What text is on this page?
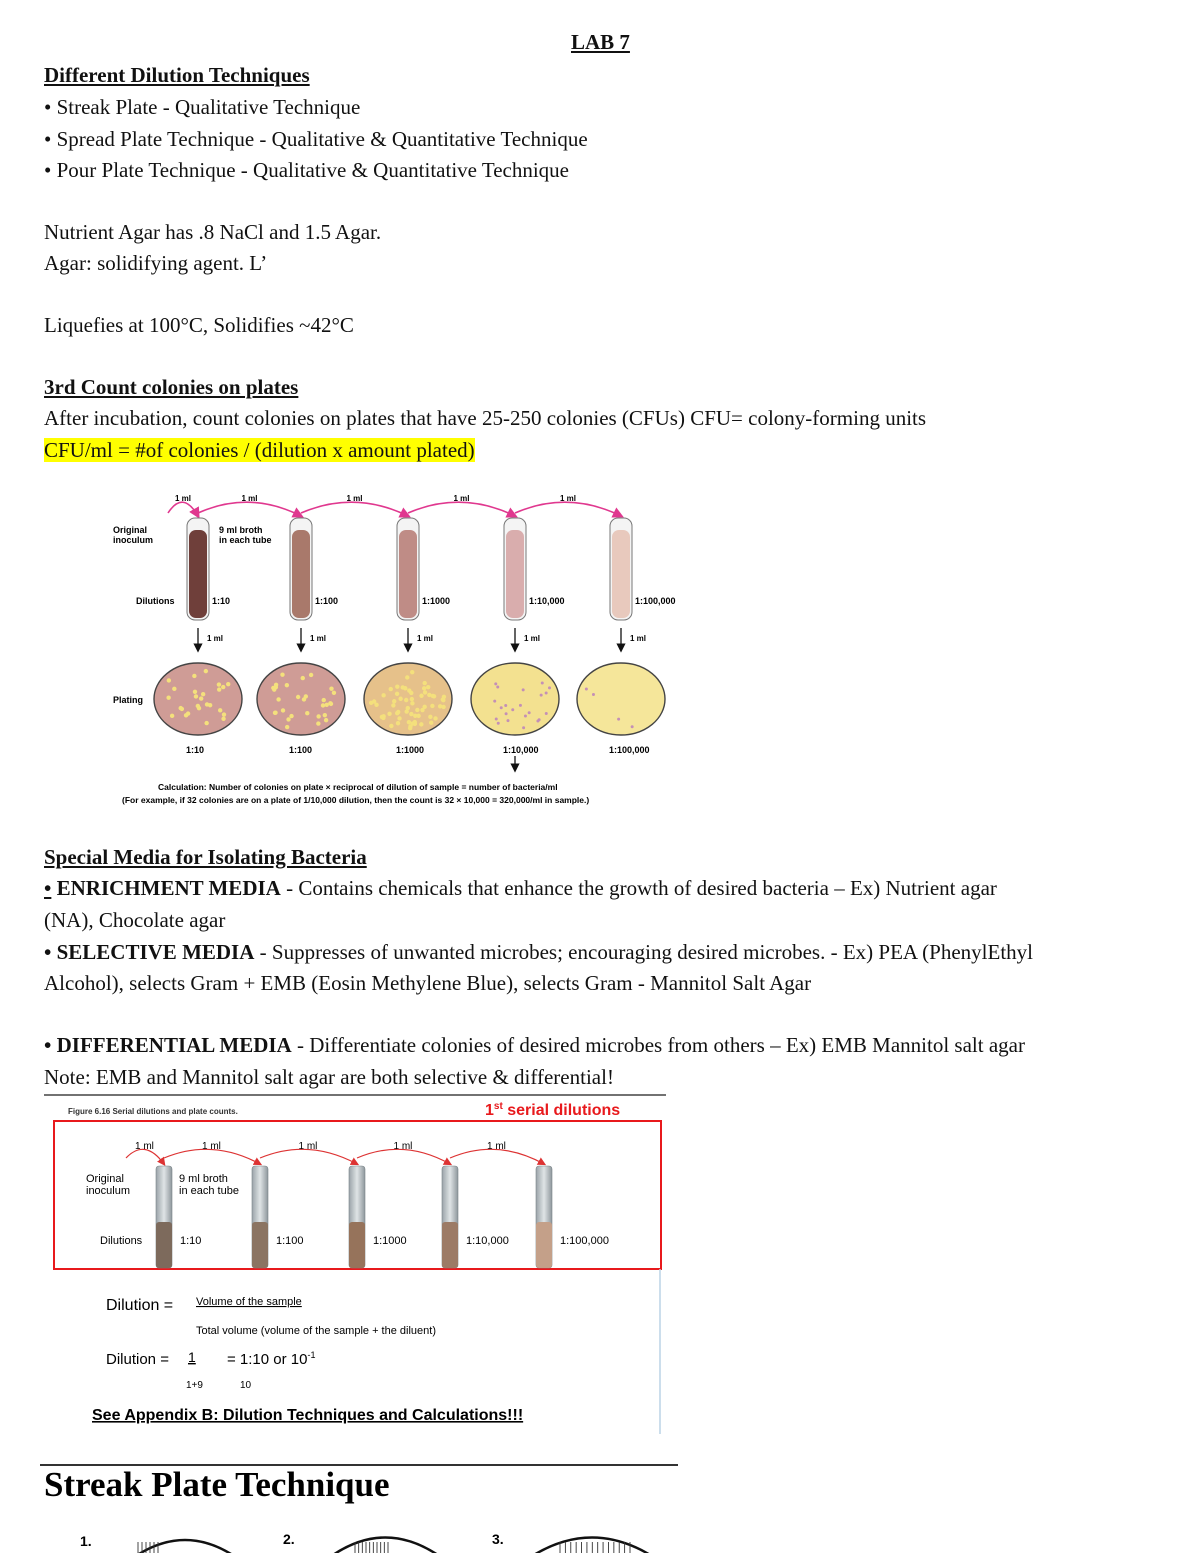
LAB 7
Different Dilution Techniques
• Streak Plate - Qualitative Technique
• Spread Plate Technique - Qualitative & Quantitative Technique
• Pour Plate Technique - Qualitative & Quantitative Technique
Nutrient Agar has .8 NaCl and 1.5 Agar.
Agar: solidifying agent. L’
Liquefies at 100°C, Solidifies ~42°C
3rd Count colonies on plates
After incubation, count colonies on plates that have 25-250 colonies (CFUs) CFU= colony-forming units
CFU/ml = #of colonies / (dilution x amount plated)
1 ml	1 ml	1 ml	1 ml	1 ml
1:10
1 ml
1:100
1 ml
1:1000
1 ml
1:10,000
1 ml
1:100,000
1 ml
1:10	1:100	1:1000	1:10,000	1:100,000
Original
inoculum
9 ml broth
in each tube
Dilutions
Plating
Calculation: Number of colonies on plate × reciprocal of dilution of sample = number of bacteria/ml
(For example, if 32 colonies are on a plate of 1/10,000 dilution, then the count is 32 × 10,000 = 320,000/ml in sample.)
Special Media for Isolating Bacteria
• ENRICHMENT MEDIA - Contains chemicals that enhance the growth of desired bacteria – Ex) Nutrient agar
(NA), Chocolate agar
• SELECTIVE MEDIA - Suppresses of unwanted microbes; encouraging desired microbes. - Ex) PEA (PhenylEthyl
Alcohol), selects Gram + EMB (Eosin Methylene Blue), selects Gram - Mannitol Salt Agar
• DIFFERENTIAL MEDIA - Differentiate colonies of desired microbes from others – Ex) EMB Mannitol salt agar
Note: EMB and Mannitol salt agar are both selective & differential!
Figure 6.16 Serial dilutions and plate counts.	1st serial dilutions
1 ml	1 ml	1 ml	1 ml	1 ml
1:10	1:100	1:1000	1:10,000	1:100,000
Original
inoculum
9 ml broth
in each tube
Dilutions
Dilution = Volume of the sample
Total volume (volume of the sample + the diluent)
Dilution = 1 = 1:10 or $10^{-1}$
1+9	10
See Appendix B: Dilution Techniques and Calculations!!!
Streak Plate Technique
1.	2.	3.
